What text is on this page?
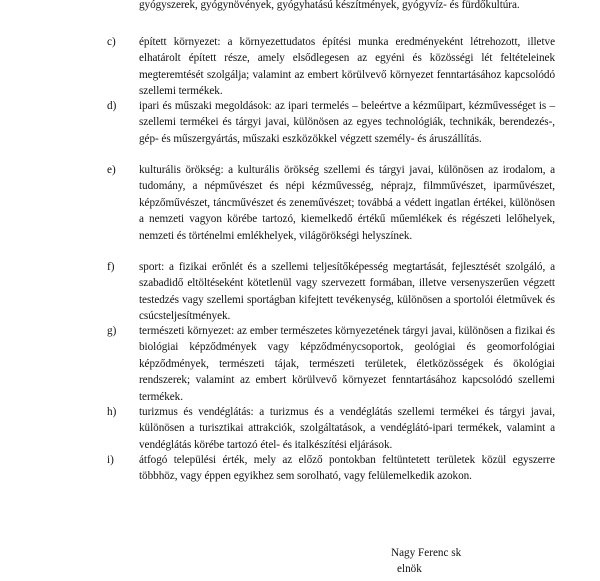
gyógyszerek, gyógynövények, gyógyhatású készítmények, gyógyvíz- és fürdőkultúra.
c) épített környezet: a környezettudatos építési munka eredményeként létrehozott, illetve elhatárolt épített része, amely elsődlegesen az egyéni és közösségi lét feltételeinek megteremtését szolgálja; valamint az embert körülvevő környezet fenntartásához kapcsolódó szellemi termékek.
d) ipari és műszaki megoldások: az ipari termelés – beleértve a kézműipart, kézművességet is – szellemi termékei és tárgyi javai, különösen az egyes technológiák, technikák, berendezés-, gép- és műszergyártás, műszaki eszközökkel végzett személy- és áruszállítás.
e) kulturális örökség: a kulturális örökség szellemi és tárgyi javai, különösen az irodalom, a tudomány, a népművészet és népi kézművesség, néprajz, filmművészet, iparművészet, képzőművészet, táncművészet és zeneművészet; továbbá a védett ingatlan értékei, különösen a nemzeti vagyon körébe tartozó, kiemelkedő értékű műemlékek és régészeti lelőhelyek, nemzeti és történelmi emlékhelyek, világörökségi helyszínek.
f) sport: a fizikai erőnlét és a szellemi teljesítőképesség megtartását, fejlesztését szolgáló, a szabadidő eltöltéseként kötetlenül vagy szervezett formában, illetve versenyszerűen végzett testedzés vagy szellemi sportágban kifejtett tevékenység, különösen a sportolói életművek és csúcsteljesítmények.
g) természeti környezet: az ember természetes környezetének tárgyi javai, különösen a fizikai és biológiai képződmények vagy képződménycsoportok, geológiai és geomorfológiai képződmények, természeti tájak, természeti területek, életközösségek és ökológiai rendszerek; valamint az embert körülvevő környezet fenntartásához kapcsolódó szellemi termékek.
h) turizmus és vendéglátás: a turizmus és a vendéglátás szellemi termékei és tárgyi javai, különösen a turisztikai attrakciók, szolgáltatások, a vendéglátó-ipari termékek, valamint a vendéglátás körébe tartozó étel- és italkészítési eljárások.
i) átfogó települési érték, mely az előző pontokban feltüntetett területek közül egyszerre többhöz, vagy éppen egyikhez sem sorolható, vagy felülemelkedik azokon.
Nagy Ferenc sk
elnök
